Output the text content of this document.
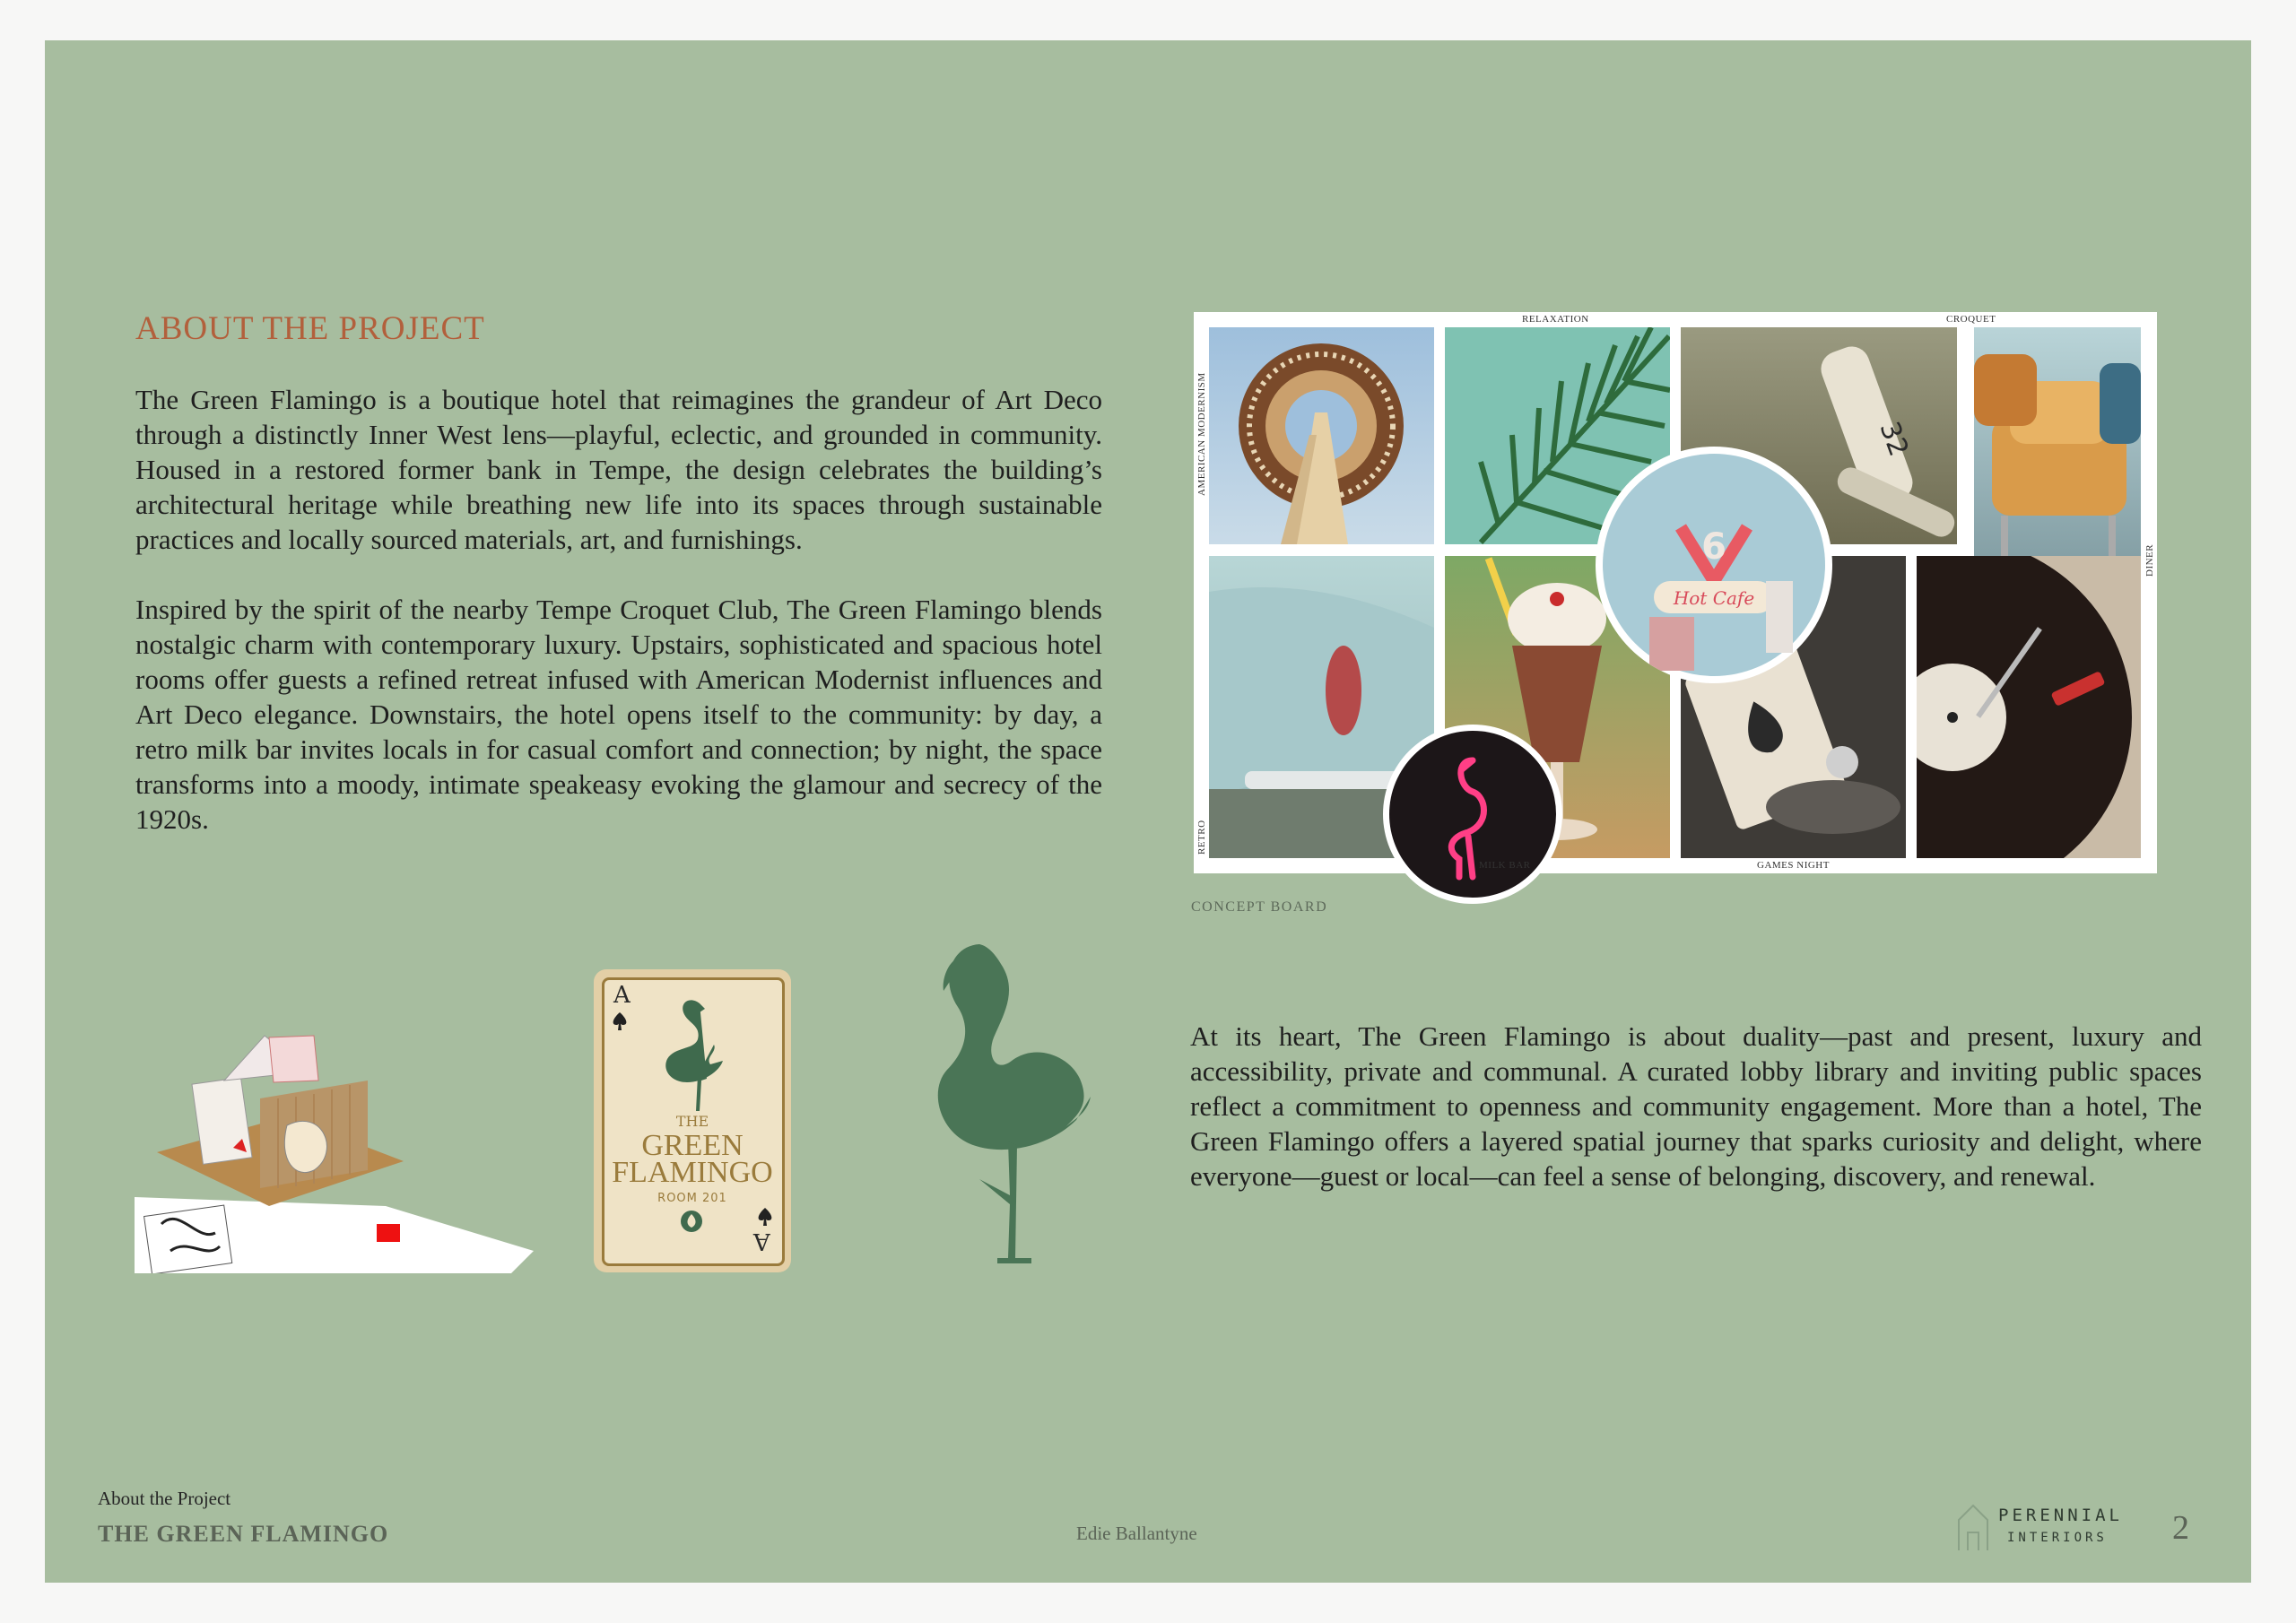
ABOUT THE PROJECT

The Green Flamingo is a boutique hotel that reimagines the grandeur of Art Deco through a distinctly Inner West lens—playful, eclectic, and grounded in community. Housed in a restored former bank in Tempe, the design celebrates the building’s architectural heritage while breathing new life into its spaces through sustainable practices and locally sourced materials, art, and furnishings.

Inspired by the spirit of the nearby Tempe Croquet Club, The Green Flamingo blends nostalgic charm with contemporary luxury. Upstairs, sophisticated and spacious hotel rooms offer guests a refined retreat infused with American Modernist influences and Art Deco elegance. Downstairs, the hotel opens itself to the community: by day, a retro milk bar invites locals in for casual comfort and connection; by night, the space transforms into a moody, intimate speakeasy evoking the glamour and secrecy of the 1920s.

32
6
Hot Cafe
RELAXATION	CROQUET
MILK BAR	GAMES NIGHT
AMERICAN MODERNISM
RETRO
DINER
CONCEPT BOARD
A
A
THE
GREEN
FLAMINGO
ROOM 201

At its heart, The Green Flamingo is about duality—past and present, luxury and accessibility, private and communal. A curated lobby library and inviting public spaces reflect a commitment to openness and community engagement. More than a hotel, The Green Flamingo offers a layered spatial journey that sparks curiosity and delight, where everyone—guest or local—can feel a sense of belonging, discovery, and renewal.

About the Project
THE GREEN FLAMINGO	Edie Ballantyne
PERENNIAL
INTERIORS 2
